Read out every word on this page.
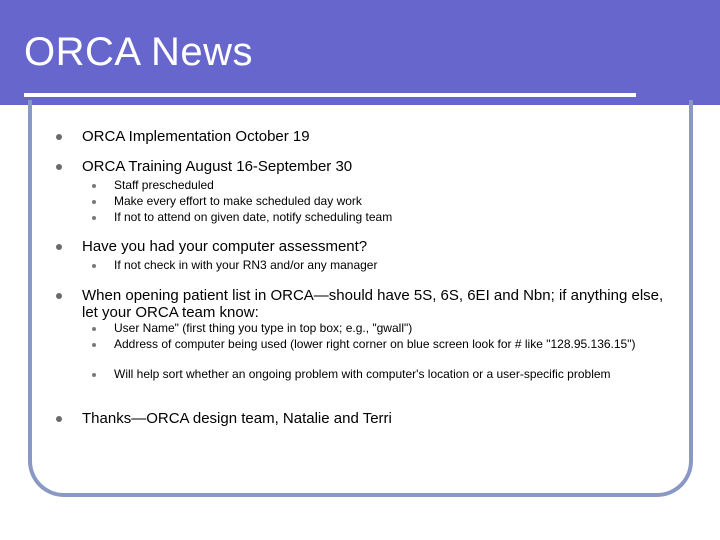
ORCA News
ORCA Implementation October 19
ORCA Training August 16-September 30
Staff prescheduled
Make every effort to make scheduled day work
If not to attend on given date, notify scheduling team
Have you had your computer assessment?
If not check in with your RN3 and/or any manager
When opening patient list in ORCA—should have 5S, 6S, 6EI and Nbn; if anything else, let your ORCA team know:
User Name" (first thing you type in top box; e.g., "gwall")
Address of computer being used (lower right corner on blue screen look for # like "128.95.136.15")
Will help sort whether an ongoing problem with computer's location or a user-specific problem
Thanks—ORCA design team, Natalie and Terri
